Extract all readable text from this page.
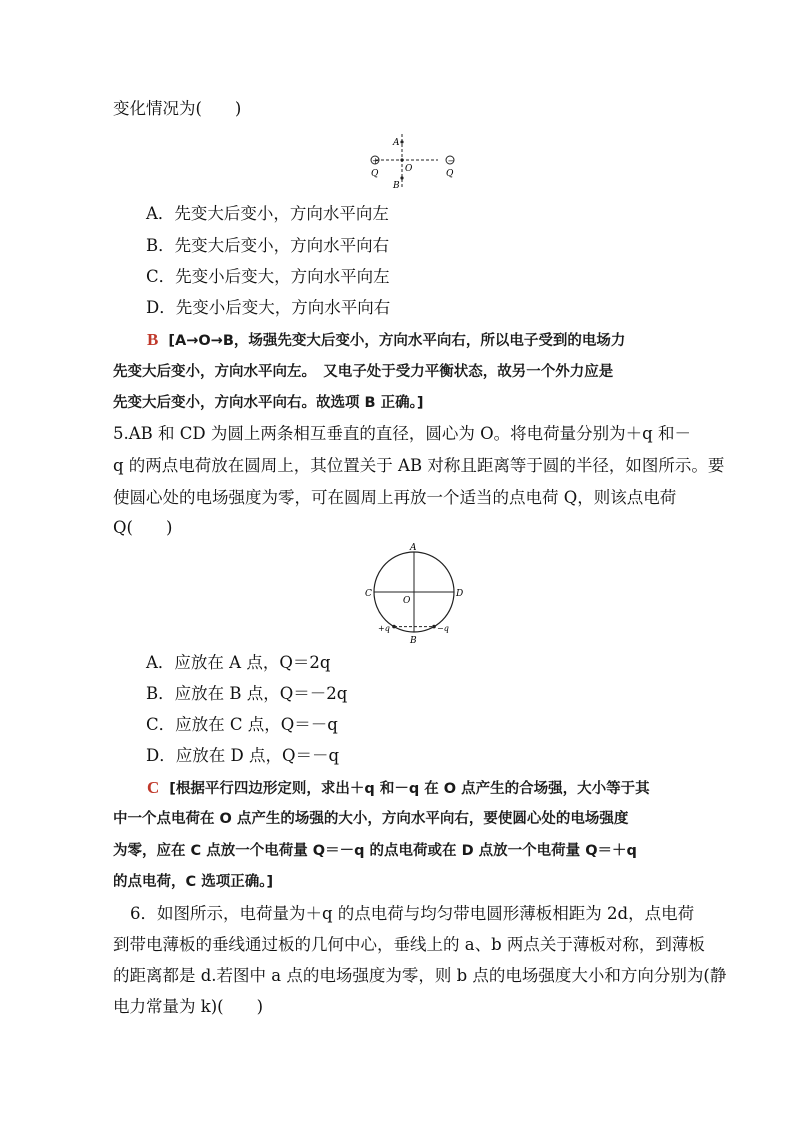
变化情况为(　　)
+	−
A
O
B
Q	Q
A．先变大后变小，方向水平向左
B．先变大后变小，方向水平向右
C．先变小后变大，方向水平向左
D．先变小后变大，方向水平向右
B [A→O→B，场强先变大后变小，方向水平向右，所以电子受到的电场力
先变大后变小，方向水平向左。　又电子处于受力平衡状态，故另一个外力应是
先变大后变小，方向水平向右。故选项 B 正确。]
5.AB 和 CD 为圆上两条相互垂直的直径，圆心为 O。将电荷量分别为＋q 和－
q 的两点电荷放在圆周上，其位置关于 AB 对称且距离等于圆的半径，如图所示。要
使圆心处的电场强度为零，可在圆周上再放一个适当的点电荷 Q，则该点电荷
Q(　　)
A
B
C	D
O
+q	−q
A．应放在 A 点，Q＝2q
B．应放在 B 点，Q＝－2q
C．应放在 C 点，Q＝－q
D．应放在 D 点，Q＝－q
C [根据平行四边形定则，求出＋q 和－q 在 O 点产生的合场强，大小等于其
中一个点电荷在 O 点产生的场强的大小，方向水平向右，要使圆心处的电场强度
为零，应在 C 点放一个电荷量 Q＝－q 的点电荷或在 D 点放一个电荷量 Q＝＋q
的点电荷，C 选项正确。]
6．如图所示，电荷量为＋q 的点电荷与均匀带电圆形薄板相距为 2d，点电荷
到带电薄板的垂线通过板的几何中心，垂线上的 a、b 两点关于薄板对称，到薄板
的距离都是 d.若图中 a 点的电场强度为零，则 b 点的电场强度大小和方向分别为(静
电力常量为 k)(　　)
